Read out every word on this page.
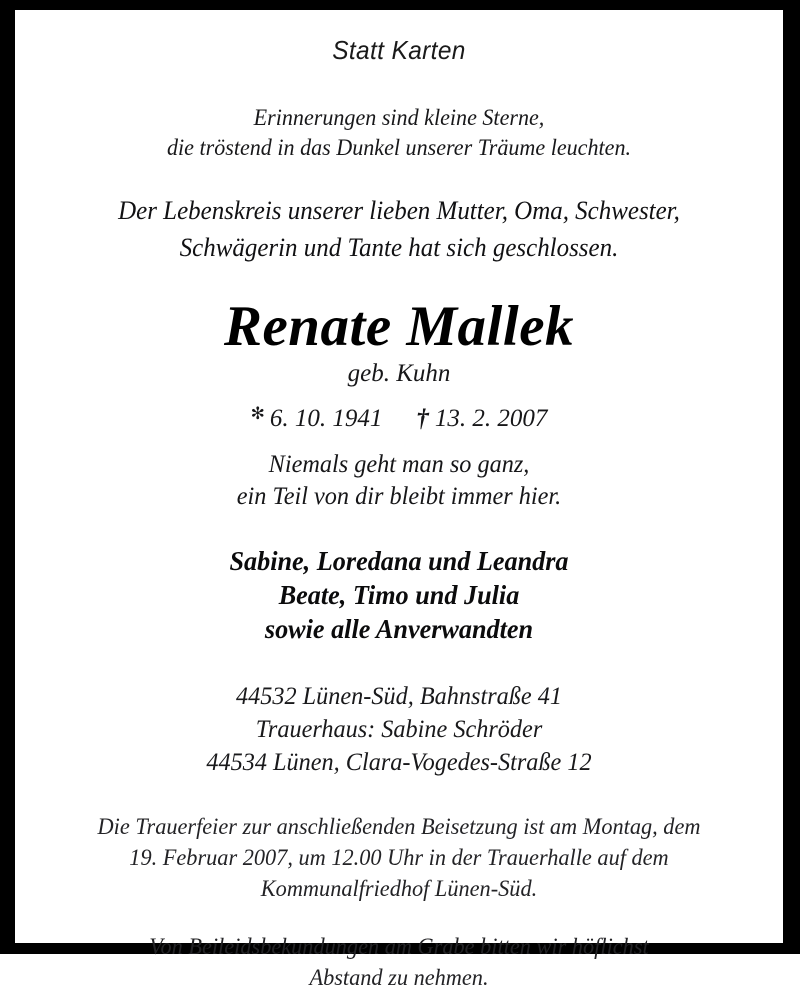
Statt Karten
Erinnerungen sind kleine Sterne,
die tröstend in das Dunkel unserer Träume leuchten.
Der Lebenskreis unserer lieben Mutter, Oma, Schwester,
Schwägerin und Tante hat sich geschlossen.
Renate Mallek
geb. Kuhn
✻ 6. 10. 1941 † 13. 2. 2007
Niemals geht man so ganz,
ein Teil von dir bleibt immer hier.
Sabine, Loredana und Leandra
Beate, Timo und Julia
sowie alle Anverwandten
44532 Lünen-Süd, Bahnstraße 41
Trauerhaus: Sabine Schröder
44534 Lünen, Clara-Vogedes-Straße 12
Die Trauerfeier zur anschließenden Beisetzung ist am Montag, dem
19. Februar 2007, um 12.00 Uhr in der Trauerhalle auf dem
Kommunalfriedhof Lünen-Süd.
Von Beileidsbekundungen am Grabe bitten wir höflichst
Abstand zu nehmen.
